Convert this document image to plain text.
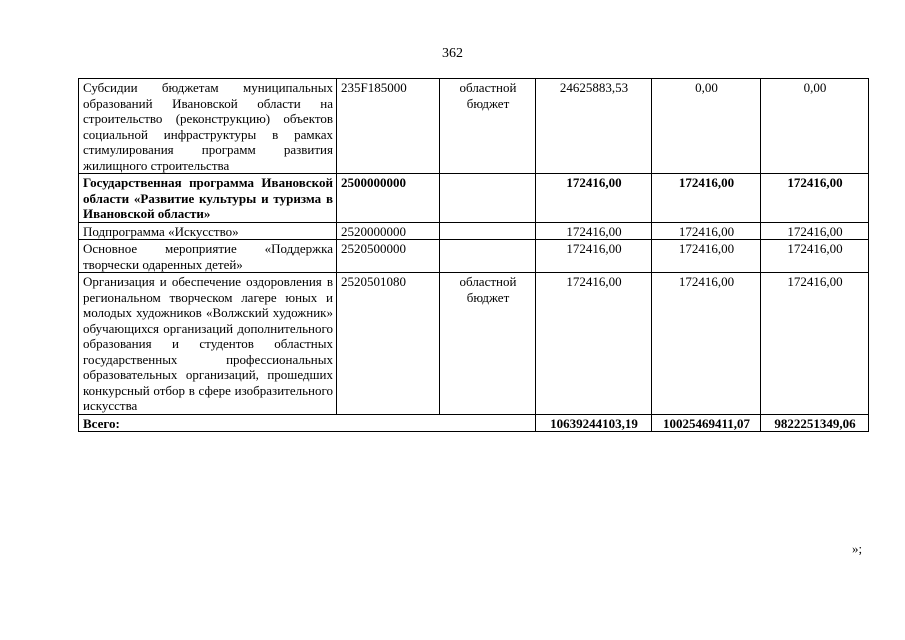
362
Субсидии бюджетам муниципальных образований Ивановской области на строительство (реконструкцию) объектов социальной инфраструктуры в рамках стимулирования программ развития жилищного строительства	235F185000	областной бюджет	24625883,53	0,00	0,00
Государственная программа Ивановской области «Развитие культуры и туризма в Ивановской области»	2500000000		172416,00	172416,00	172416,00
Подпрограмма «Искусство»	2520000000		172416,00	172416,00	172416,00
Основное мероприятие «Поддержка творчески одаренных детей»	2520500000		172416,00	172416,00	172416,00
Организация и обеспечение оздоровления в региональном творческом лагере юных и молодых художников «Волжский художник» обучающихся организаций дополнительного образования и студентов областных государственных профессиональных образовательных организаций, прошедших конкурсный отбор в сфере изобразительного искусства	2520501080	областной бюджет	172416,00	172416,00	172416,00
Всего:			10639244103,19	10025469411,07	9822251349,06
»;
